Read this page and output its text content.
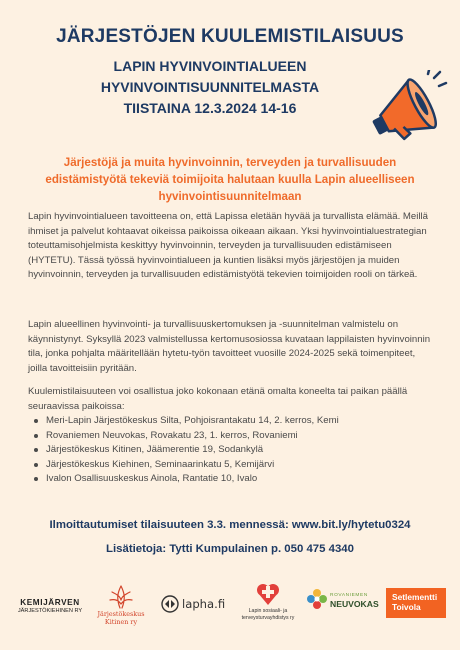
JÄRJESTÖJEN KUULEMISTILAISUUS
LAPIN HYVINVOINTIALUEEN
HYVINVOINTISUUNNITELMASTA
TIISTAINA 12.3.2024 14-16
Järjestöjä ja muita hyvinvoinnin, terveyden ja turvallisuuden edistämistyötä tekeviä toimijoita halutaan kuulla Lapin alueelliseen hyvinvointisuunnitelmaan

Lapin hyvinvointialueen tavoitteena on, että Lapissa eletään hyvää ja turvallista elämää. Meillä ihmiset ja palvelut kohtaavat oikeissa paikoissa oikeaan aikaan. Yksi hyvinvointialuestrategian toteuttamisohjelmista keskittyy hyvinvoinnin, terveyden ja turvallisuuden edistämiseen (HYTETU). Tässä työssä hyvinvointialueen ja kuntien lisäksi myös järjestöjen ja muiden hyvinvoinnin, terveyden ja turvallisuuden edistämistyötä tekevien toimijoiden rooli on tärkeä.

Lapin alueellinen hyvinvointi- ja turvallisuuskertomuksen ja -suunnitelman valmistelu on käynnistynyt. Syksyllä 2023 valmistellussa kertomusosiossa kuvataan lappilaisten hyvinvoinnin tila, jonka pohjalta määritellään hytetu-työn tavoitteet vuosille 2024-2025 sekä toimenpiteet, joilla tavoitteisiin pyritään.

Kuulemistilaisuuteen voi osallistua joko kokonaan etänä omalta koneelta tai paikan päällä seuraavissa paikoissa:

Meri-Lapin Järjestökeskus Silta, Pohjoisrantakatu 14, 2. kerros, Kemi
Rovaniemen Neuvokas, Rovakatu 23, 1. kerros, Rovaniemi
Järjestökeskus Kitinen, Jäämerentie 19, Sodankylä
Järjestökeskus Kiehinen, Seminaarinkatu 5, Kemijärvi
Ivalon Osallisuuskeskus Ainola, Rantatie 10, Ivalo
Ilmoittautumiset tilaisuuteen 3.3. mennessä: www.bit.ly/hytetu0324
Lisätietoja: Tytti Kumpulainen p. 050 475 4340
KEMIJÄRVEN
JÄRJESTÖKIEHINEN RY	Järjestökeskus
Kitinen ry
lapha.fi	Lapin sosiaali- ja terveysturvayhdistys ry
ROVANIEMEN
NEUVOKAS
Setlementti
Toivola
